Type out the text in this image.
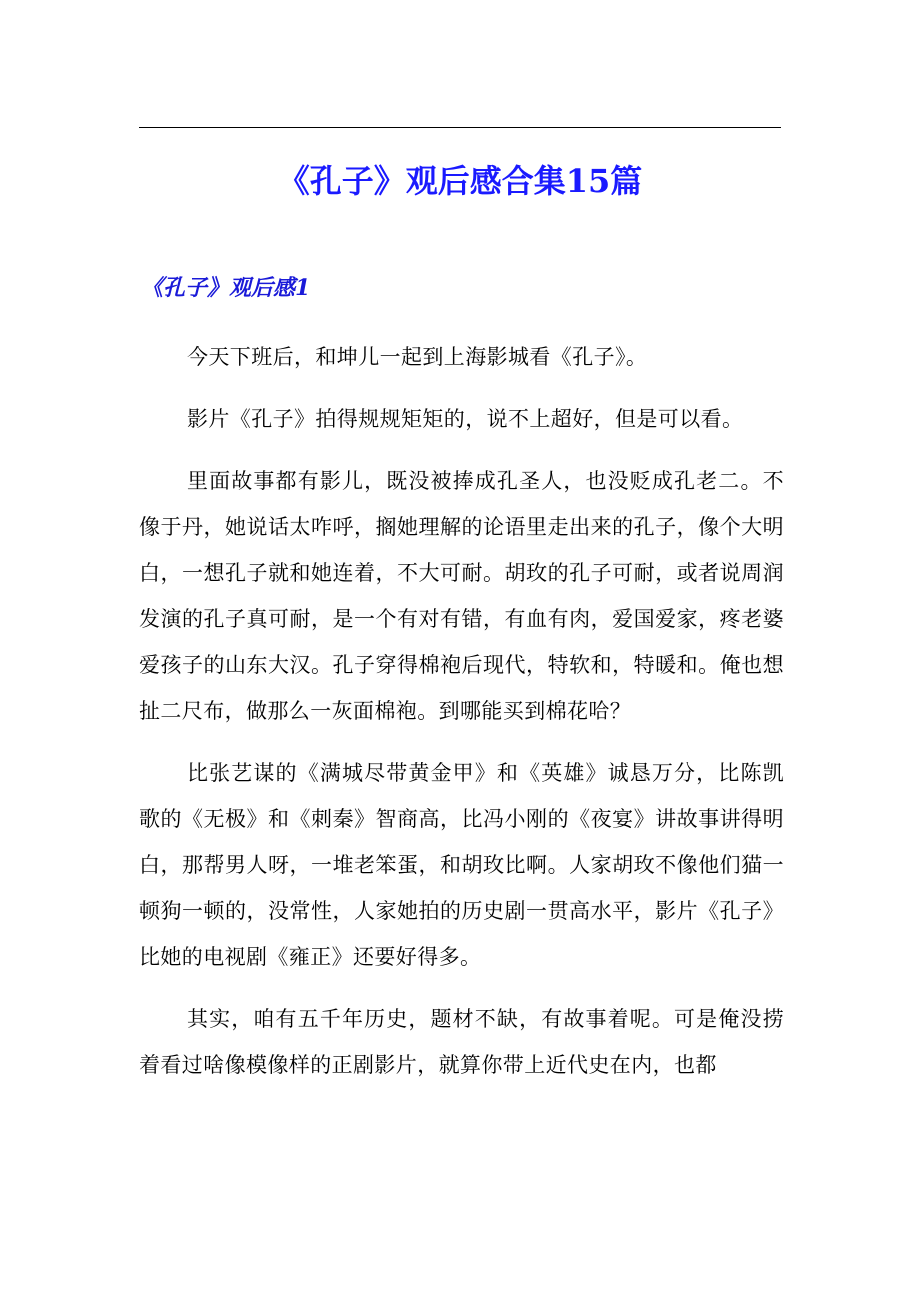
《孔子》观后感合集15篇
《孔子》观后感1

今天下班后，和坤儿一起到上海影城看《孔子》。

影片《孔子》拍得规规矩矩的，说不上超好，但是可以看。

里面故事都有影儿，既没被捧成孔圣人，也没贬成孔老二。不像于丹，她说话太咋呼，搁她理解的论语里走出来的孔子，像个大明白，一想孔子就和她连着，不大可耐。胡玫的孔子可耐，或者说周润发演的孔子真可耐，是一个有对有错，有血有肉，爱国爱家，疼老婆爱孩子的山东大汉。孔子穿得棉袍后现代，特软和，特暖和。俺也想扯二尺布，做那么一灰面棉袍。到哪能买到棉花哈？

比张艺谋的《满城尽带黄金甲》和《英雄》诚恳万分，比陈凯歌的《无极》和《刺秦》智商高，比冯小刚的《夜宴》讲故事讲得明白，那帮男人呀，一堆老笨蛋，和胡玫比啊。人家胡玫不像他们猫一顿狗一顿的，没常性，人家她拍的历史剧一贯高水平，影片《孔子》比她的电视剧《雍正》还要好得多。

其实，咱有五千年历史，题材不缺，有故事着呢。可是俺没捞着看过啥像模像样的正剧影片，就算你带上近代史在内，也都
